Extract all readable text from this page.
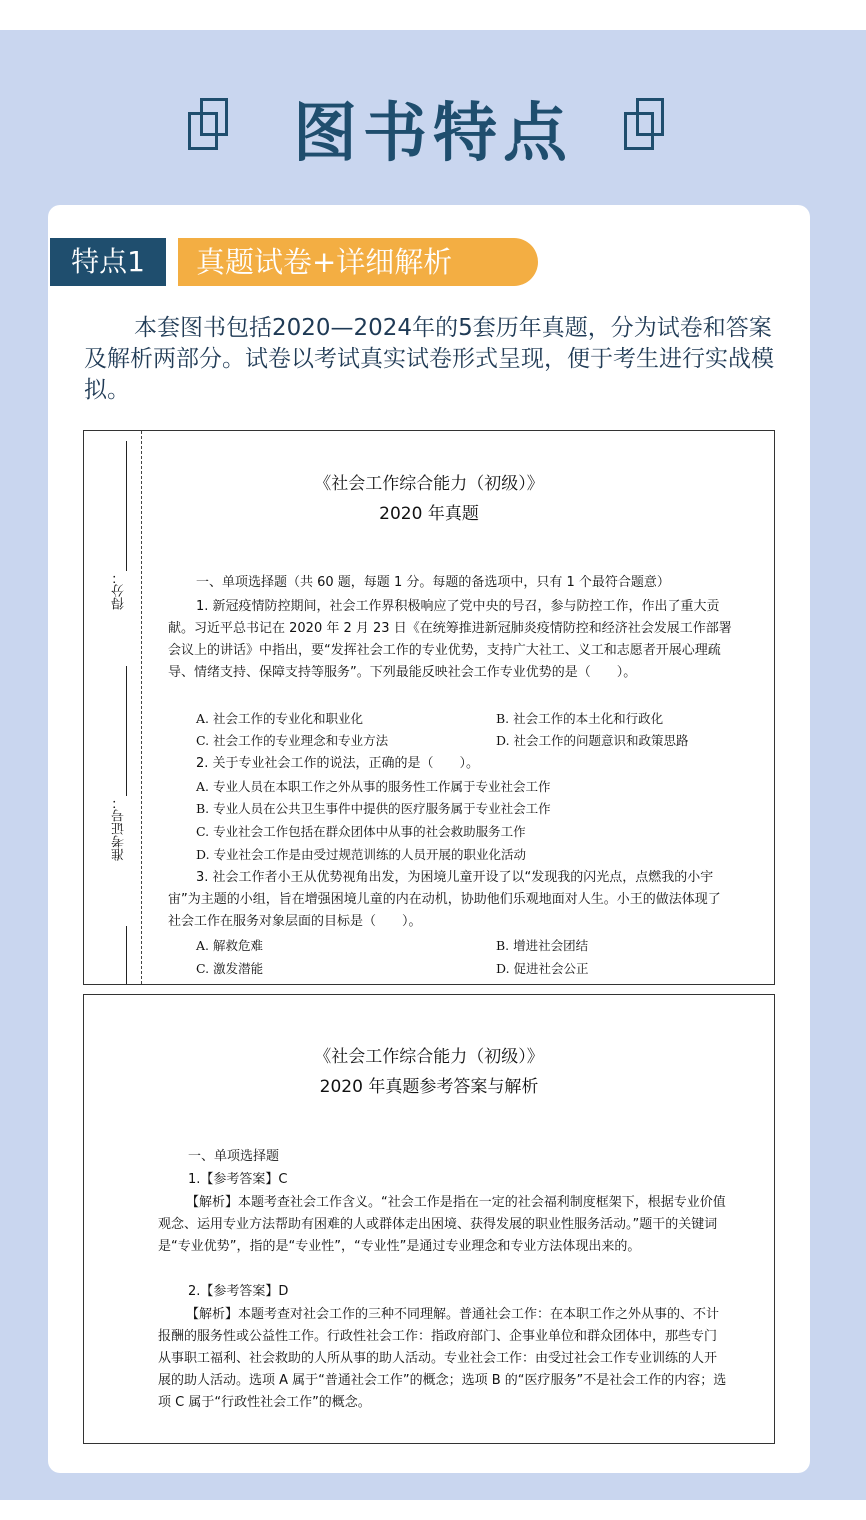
图书特点
特点1	真题试卷+详细解析
本套图书包括2020—2024年的5套历年真题，分为试卷和答案及解析两部分。试卷以考试真实试卷形式呈现，便于考生进行实战模拟。
得分：
准考证号：
《社会工作综合能力（初级）》
2020 年真题
一、单项选择题（共 60 题，每题 1 分。每题的备选项中，只有 1 个最符合题意）
1. 新冠疫情防控期间，社会工作界积极响应了党中央的号召，参与防控工作，作出了重大贡献。习近平总书记在 2020 年 2 月 23 日《在统筹推进新冠肺炎疫情防控和经济社会发展工作部署会议上的讲话》中指出，要“发挥社会工作的专业优势，支持广大社工、义工和志愿者开展心理疏导、情绪支持、保障支持等服务”。下列最能反映社会工作专业优势的是（　　）。
A. 社会工作的专业化和职业化	B. 社会工作的本土化和行政化
C. 社会工作的专业理念和专业方法	D. 社会工作的问题意识和政策思路
2. 关于专业社会工作的说法，正确的是（　　）。
A. 专业人员在本职工作之外从事的服务性工作属于专业社会工作
B. 专业人员在公共卫生事件中提供的医疗服务属于专业社会工作
C. 专业社会工作包括在群众团体中从事的社会救助服务工作
D. 专业社会工作是由受过规范训练的人员开展的职业化活动
3. 社会工作者小王从优势视角出发，为困境儿童开设了以“发现我的闪光点，点燃我的小宇宙”为主题的小组，旨在增强困境儿童的内在动机，协助他们乐观地面对人生。小王的做法体现了社会工作在服务对象层面的目标是（　　）。
A. 解救危难	B. 增进社会团结
C. 激发潜能	D. 促进社会公正
《社会工作综合能力（初级）》
2020 年真题参考答案与解析
一、单项选择题
1.【参考答案】C
【解析】本题考查社会工作含义。“社会工作是指在一定的社会福利制度框架下，根据专业价值观念、运用专业方法帮助有困难的人或群体走出困境、获得发展的职业性服务活动。”题干的关键词是“专业优势”，指的是“专业性”，“专业性”是通过专业理念和专业方法体现出来的。
2.【参考答案】D
【解析】本题考查对社会工作的三种不同理解。普通社会工作：在本职工作之外从事的、不计报酬的服务性或公益性工作。行政性社会工作：指政府部门、企事业单位和群众团体中，那些专门从事职工福利、社会救助的人所从事的助人活动。专业社会工作：由受过社会工作专业训练的人开展的助人活动。选项 A 属于“普通社会工作”的概念；选项 B 的“医疗服务”不是社会工作的内容；选项 C 属于“行政性社会工作”的概念。
